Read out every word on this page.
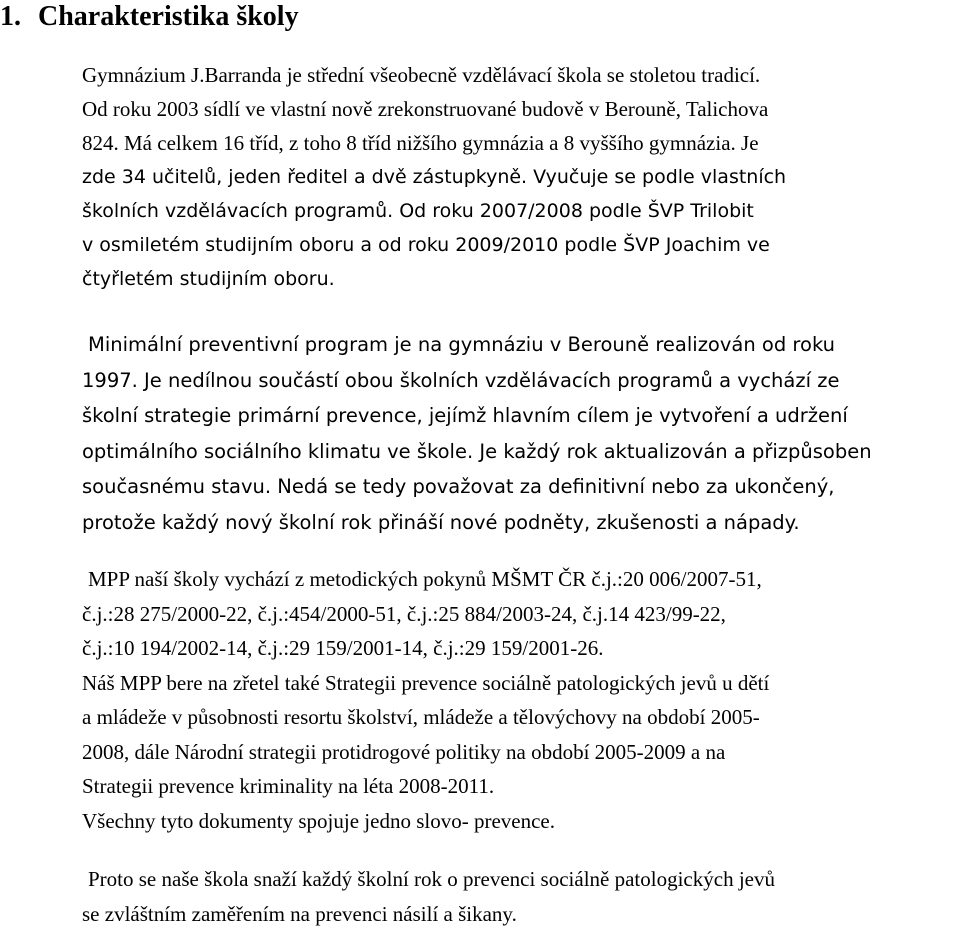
1. Charakteristika školy
Gymnázium J.Barranda je střední všeobecně vzdělávací škola se stoletou tradicí.
Od roku 2003 sídlí ve vlastní nově zrekonstruované budově v Berouně, Talichova
824. Má celkem 16 tříd, z toho 8 tříd nižšího gymnázia a 8 vyššího gymnázia. Je
zde 34 učitelů, jeden ředitel a dvě zástupkyně. Vyučuje se podle vlastních
školních vzdělávacích programů. Od roku 2007/2008 podle ŠVP Trilobit
v osmiletém studijním oboru a od roku 2009/2010 podle ŠVP Joachim ve
čtyřletém studijním oboru.
Minimální preventivní program je na gymnáziu v Berouně realizován od roku
1997. Je nedílnou součástí obou školních vzdělávacích programů a vychází ze
školní strategie primární prevence, jejímž hlavním cílem je vytvoření a udržení
optimálního sociálního klimatu ve škole. Je každý rok aktualizován a přizpůsoben
současnému stavu. Nedá se tedy považovat za definitivní nebo za ukončený,
protože každý nový školní rok přináší nové podněty, zkušenosti a nápady.
MPP naší školy vychází z metodických pokynů MŠMT ČR č.j.:20 006/2007-51,
č.j.:28 275/2000-22, č.j.:454/2000-51, č.j.:25 884/2003-24, č.j.14 423/99-22,
č.j.:10 194/2002-14, č.j.:29 159/2001-14, č.j.:29 159/2001-26.
Náš MPP bere na zřetel také Strategii prevence sociálně patologických jevů u dětí
a mládeže v působnosti resortu školství, mládeže a tělovýchovy na období 2005-
2008, dále Národní strategii protidrogové politiky na období 2005-2009 a na
Strategii prevence kriminality na léta 2008-2011.
Všechny tyto dokumenty spojuje jedno slovo- prevence.
Proto se naše škola snaží každý školní rok o prevenci sociálně patologických jevů
se zvláštním zaměřením na prevenci násilí a šikany.
